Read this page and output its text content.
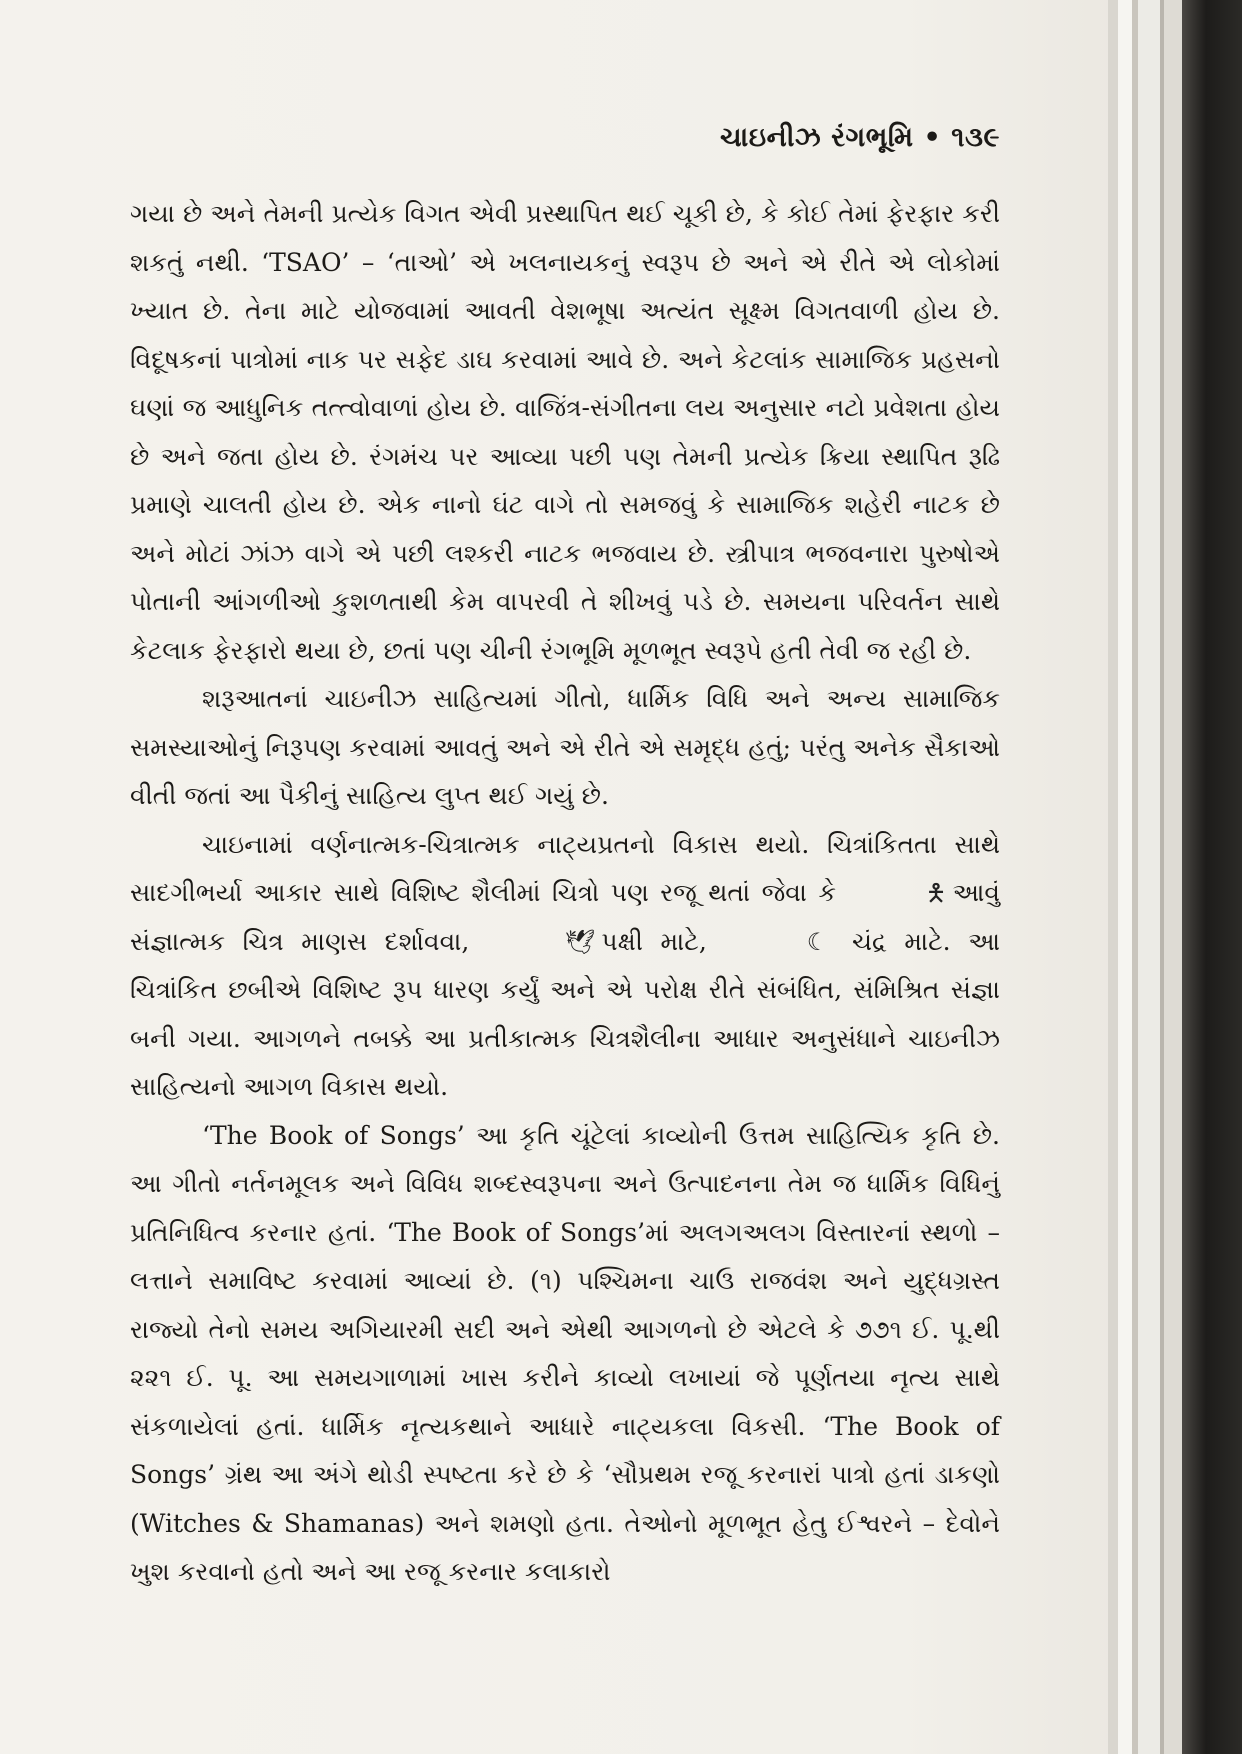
ચાઇનીઝ રંગભૂમિ • ૧૩૯

ગયા છે અને તેમની પ્રત્યેક વિગત એવી પ્રસ્થાપિત થઈ ચૂકી છે, કે કોઈ તેમાં ફેરફાર કરી શકતું નથી. ‘TSAO’ – ‘તાઓ’ એ ખલનાયકનું સ્વરૂપ છે અને એ રીતે એ લોકોમાં ખ્યાત છે. તેના માટે યોજવામાં આવતી વેશભૂષા અત્યંત સૂક્ષ્મ વિગતવાળી હોય છે. વિદૂષકનાં પાત્રોમાં નાક પર સફેદ ડાઘ કરવામાં આવે છે. અને કેટલાંક સામાજિક પ્રહસનો ઘણાં જ આધુનિક તત્ત્વોવાળાં હોય છે. વાજિંત્ર-સંગીતના લય અનુસાર નટો પ્રવેશતા હોય છે અને જતા હોય છે. રંગમંચ પર આવ્યા પછી પણ તેમની પ્રત્યેક ક્રિયા સ્થાપિત રૂઢિ પ્રમાણે ચાલતી હોય છે. એક નાનો ઘંટ વાગે તો સમજવું કે સામાજિક શહેરી નાટક છે અને મોટાં ઝાંઝ વાગે એ પછી લશ્કરી નાટક ભજવાય છે. સ્ત્રીપાત્ર ભજવનારા પુરુષોએ પોતાની આંગળીઓ કુશળતાથી કેમ વાપરવી તે શીખવું પડે છે. સમયના પરિવર્તન સાથે કેટલાક ફેરફારો થયા છે, છતાં પણ ચીની રંગભૂમિ મૂળભૂત સ્વરૂપે હતી તેવી જ રહી છે.

શરૂઆતનાં ચાઇનીઝ સાહિત્યમાં ગીતો, ધાર્મિક વિધિ અને અન્ય સામાજિક સમસ્યાઓનું નિરૂપણ કરવામાં આવતું અને એ રીતે એ સમૃદ્ધ હતું; પરંતુ અનેક સૈકાઓ વીતી જતાં આ પૈકીનું સાહિત્ય લુપ્ત થઈ ગયું છે.

ચાઇનામાં વર્ણનાત્મક-ચિત્રાત્મક નાટ્યપ્રતનો વિકાસ થયો. ચિત્રાંકિતતા સાથે સાદગીભર્યા આકાર સાથે વિશિષ્ટ શૈલીમાં ચિત્રો પણ રજૂ થતાં જેવા કે	🯅 આવું સંજ્ઞાત્મક ચિત્ર માણસ દર્શાવવા,	🕊 પક્ષી માટે,	☾ ચંદ્ર માટે. આ ચિત્રાંકિત છબીએ વિશિષ્ટ રૂપ ધારણ કર્યું અને એ પરોક્ષ રીતે સંબંધિત, સંમિશ્રિત સંજ્ઞા બની ગયા. આગળને તબક્કે આ પ્રતીકાત્મક ચિત્રશૈલીના આધાર અનુસંધાને ચાઇનીઝ સાહિત્યનો આગળ વિકાસ થયો.

‘The Book of Songs’ આ કૃતિ ચૂંટેલાં કાવ્યોની ઉત્તમ સાહિત્યિક કૃતિ છે. આ ગીતો નર્તનમૂલક અને વિવિધ શબ્દસ્વરૂપના અને ઉત્પાદનના તેમ જ ધાર્મિક વિધિનું પ્રતિનિધિત્વ કરનાર હતાં. ‘The Book of Songs’માં અલગઅલગ વિસ્તારનાં સ્થળો – લત્તાને સમાવિષ્ટ કરવામાં આવ્યાં છે. (૧) પશ્ચિમના ચાઉ રાજવંશ અને યુદ્ધગ્રસ્ત રાજ્યો તેનો સમય અગિયારમી સદી અને એથી આગળનો છે એટલે કે ૭૭૧ ઈ. પૂ.થી ૨૨૧ ઈ. પૂ. આ સમયગાળામાં ખાસ કરીને કાવ્યો લખાયાં જે પૂર્ણતયા નૃત્ય સાથે સંકળાયેલાં હતાં. ધાર્મિક નૃત્યકથાને આધારે નાટ્યકલા વિકસી. ‘The Book of Songs’ ગ્રંથ આ અંગે થોડી સ્પષ્ટતા કરે છે કે ‘સૌપ્રથમ રજૂ કરનારાં પાત્રો હતાં ડાકણો (Witches & Shamanas) અને શમણો હતા. તેઓનો મૂળભૂત હેતુ ઈશ્વરને – દેવોને ખુશ કરવાનો હતો અને આ રજૂ કરનાર કલાકારો
